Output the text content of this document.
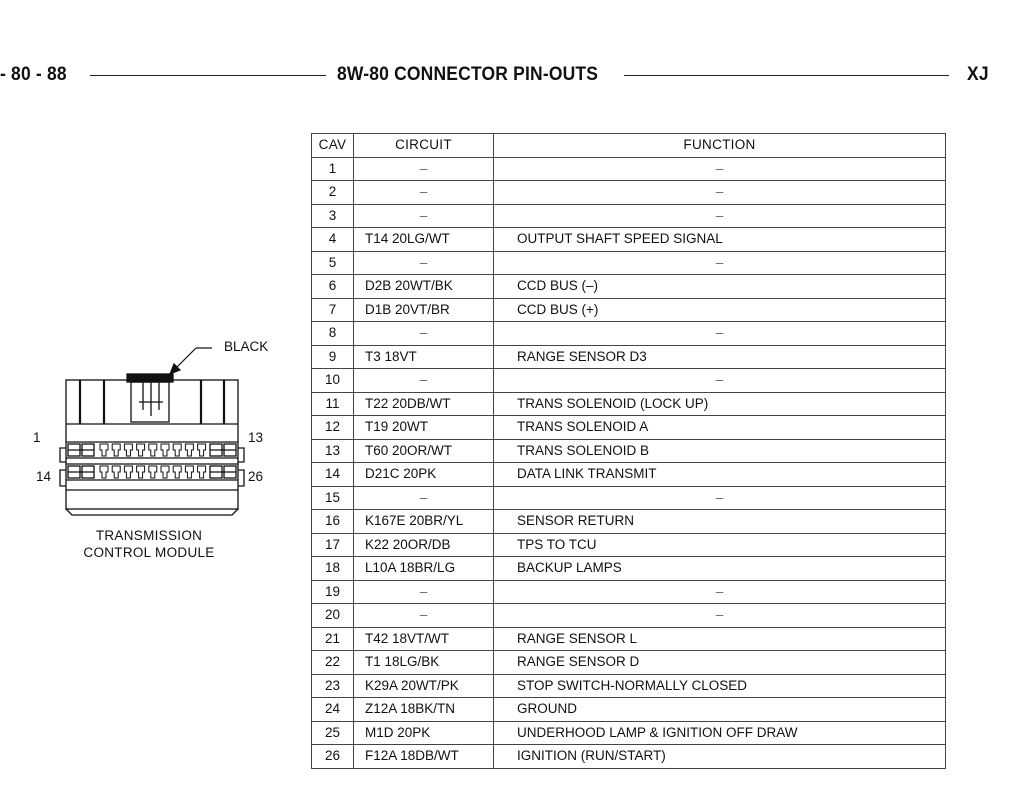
- 80 - 88	8W-80 CONNECTOR PIN-OUTS	XJ
BLACK
1	13
14	26
TRANSMISSION
CONTROL MODULE
CAV	CIRCUIT	FUNCTION
1	–	–
2	–	–
3	–	–
4	T14 20LG/WT	OUTPUT SHAFT SPEED SIGNAL
5	–	–
6	D2B 20WT/BK	CCD BUS (–)
7	D1B 20VT/BR	CCD BUS (+)
8	–	–
9	T3 18VT	RANGE SENSOR D3
10	–	–
11	T22 20DB/WT	TRANS SOLENOID (LOCK UP)
12	T19 20WT	TRANS SOLENOID A
13	T60 20OR/WT	TRANS SOLENOID B
14	D21C 20PK	DATA LINK TRANSMIT
15	–	–
16	K167E 20BR/YL	SENSOR RETURN
17	K22 20OR/DB	TPS TO TCU
18	L10A 18BR/LG	BACKUP LAMPS
19	–	–
20	–	–
21	T42 18VT/WT	RANGE SENSOR L
22	T1 18LG/BK	RANGE SENSOR D
23	K29A 20WT/PK	STOP SWITCH-NORMALLY CLOSED
24	Z12A 18BK/TN	GROUND
25	M1D 20PK	UNDERHOOD LAMP & IGNITION OFF DRAW
26	F12A 18DB/WT	IGNITION (RUN/START)
